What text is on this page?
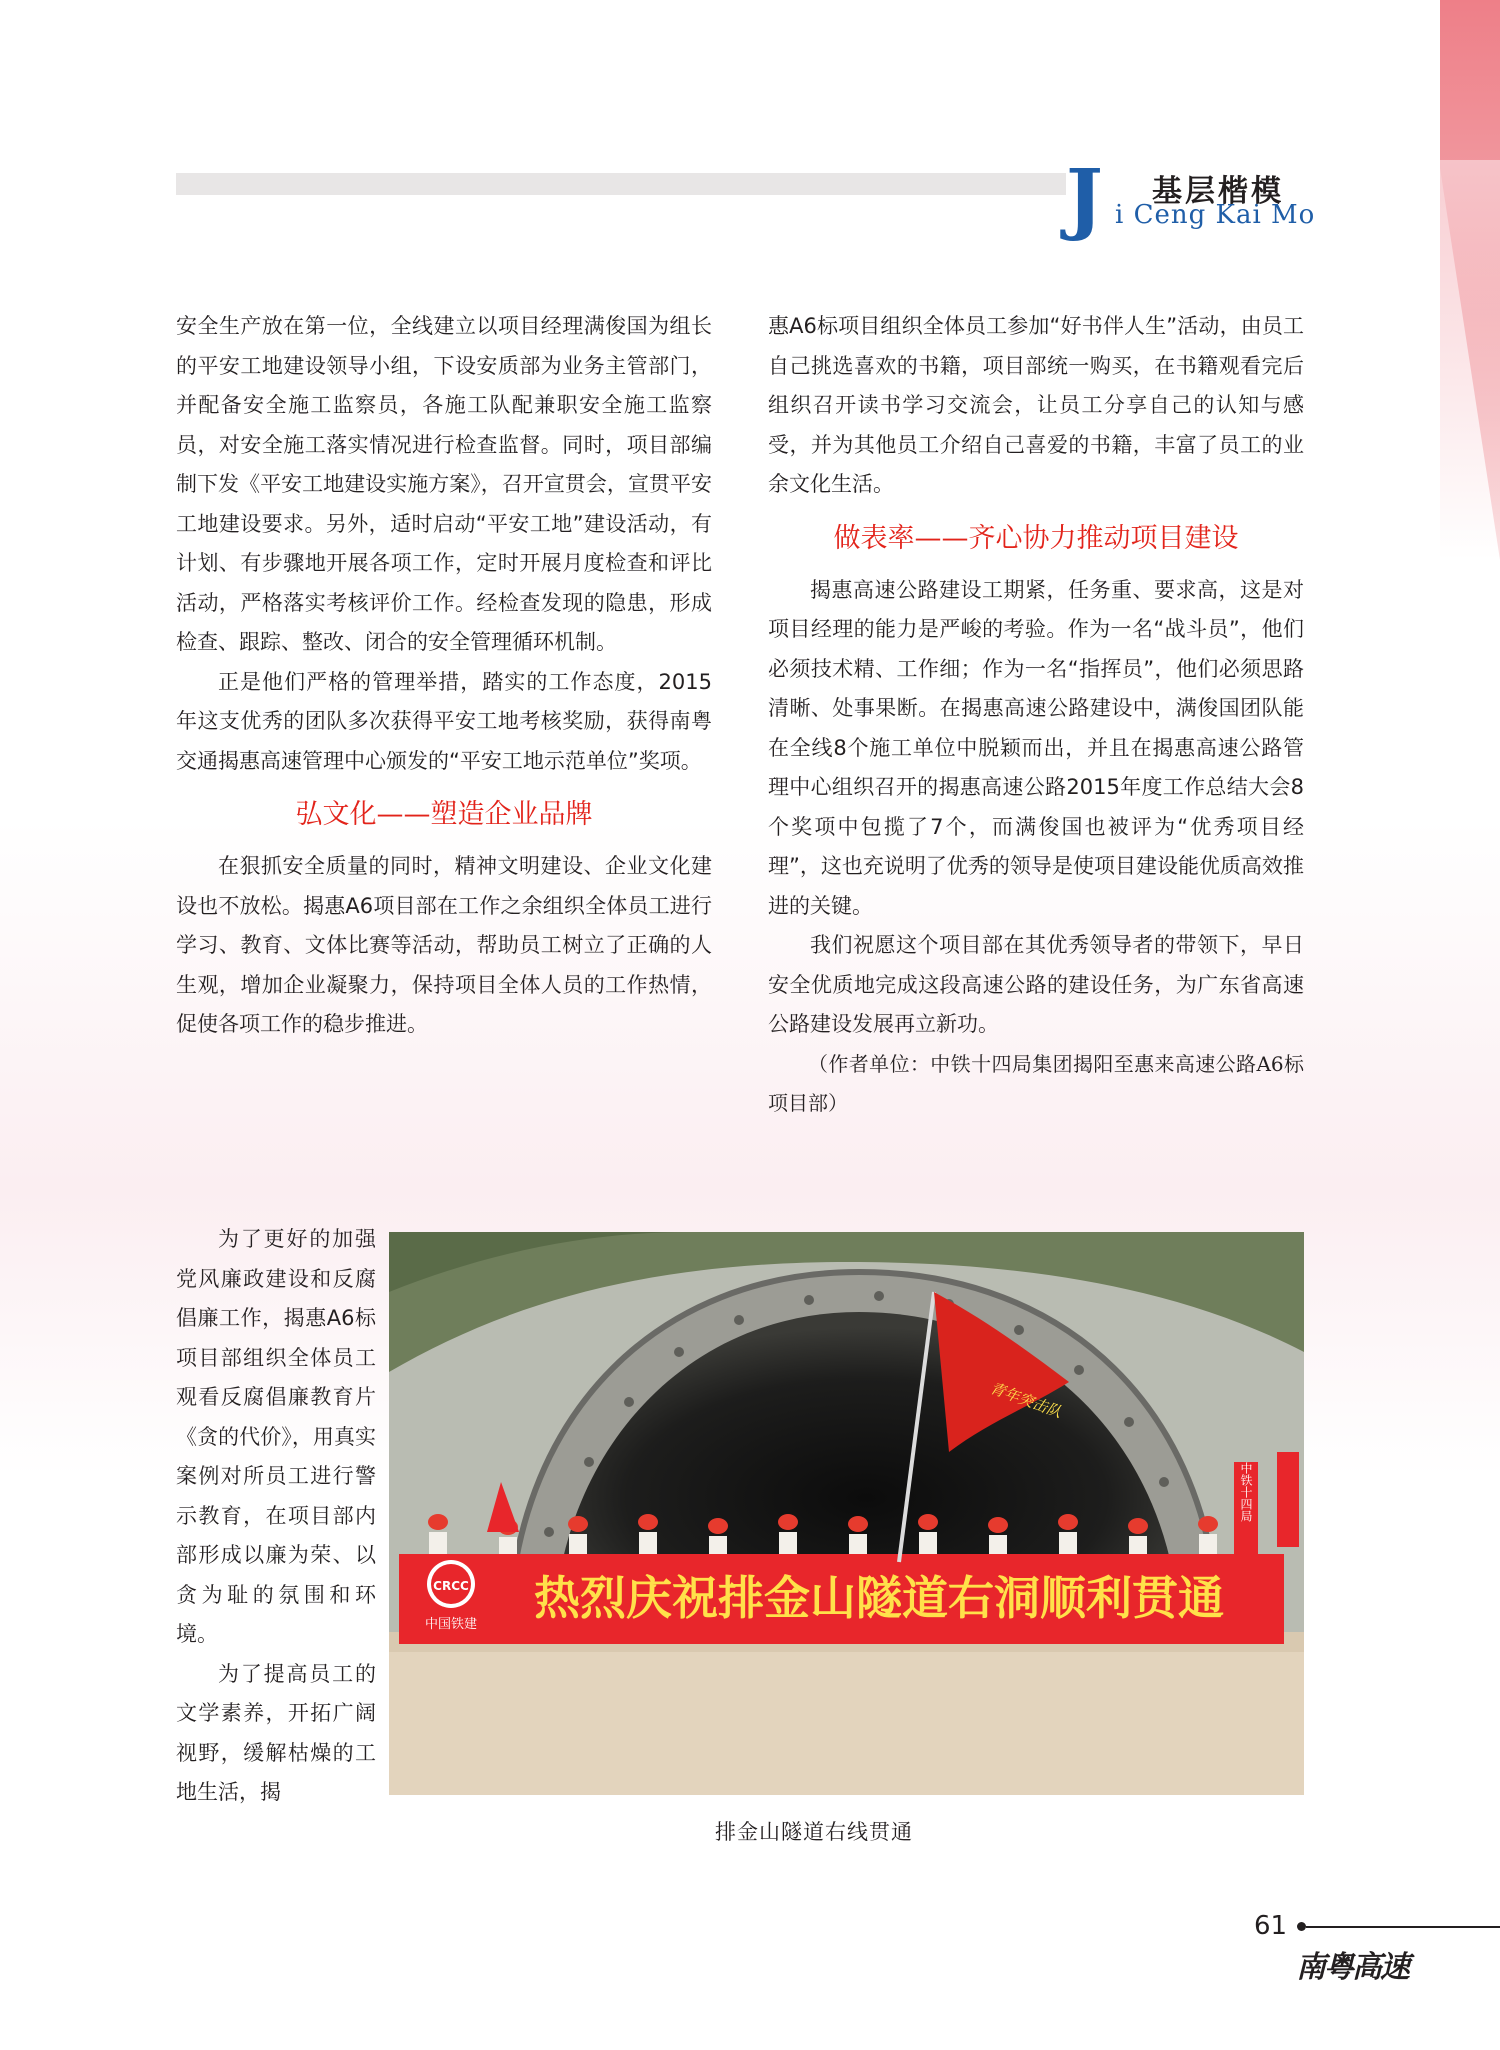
J 基层楷模
i Ceng Kai Mo

安全生产放在第一位，全线建立以项目经理满俊国为组长的平安工地建设领导小组，下设安质部为业务主管部门，并配备安全施工监察员，各施工队配兼职安全施工监察员，对安全施工落实情况进行检查监督。同时，项目部编制下发《平安工地建设实施方案》，召开宣贯会，宣贯平安工地建设要求。另外，适时启动“平安工地”建设活动，有计划、有步骤地开展各项工作，定时开展月度检查和评比活动，严格落实考核评价工作。经检查发现的隐患，形成检查、跟踪、整改、闭合的安全管理循环机制。

正是他们严格的管理举措，踏实的工作态度，2015年这支优秀的团队多次获得平安工地考核奖励，获得南粤交通揭惠高速管理中心颁发的“平安工地示范单位”奖项。

弘文化——塑造企业品牌

在狠抓安全质量的同时，精神文明建设、企业文化建设也不放松。揭惠A6项目部在工作之余组织全体员工进行学习、教育、文体比赛等活动，帮助员工树立了正确的人生观，增加企业凝聚力，保持项目全体人员的工作热情，促使各项工作的稳步推进。

为了更好的加强党风廉政建设和反腐倡廉工作，揭惠A6标项目部组织全体员工观看反腐倡廉教育片《贪的代价》，用真实案例对所员工进行警示教育，在项目部内部形成以廉为荣、以贪为耻的氛围和环境。

为了提高员工的文学素养，开拓广阔视野，缓解枯燥的工地生活，揭

惠A6标项目组织全体员工参加“好书伴人生”活动，由员工自己挑选喜欢的书籍，项目部统一购买，在书籍观看完后组织召开读书学习交流会，让员工分享自己的认知与感受，并为其他员工介绍自己喜爱的书籍，丰富了员工的业余文化生活。

做表率——齐心协力推动项目建设

揭惠高速公路建设工期紧，任务重、要求高，这是对项目经理的能力是严峻的考验。作为一名“战斗员”，他们必须技术精、工作细；作为一名“指挥员”，他们必须思路清晰、处事果断。在揭惠高速公路建设中，满俊国团队能在全线8个施工单位中脱颖而出，并且在揭惠高速公路管理中心组织召开的揭惠高速公路2015年度工作总结大会8个奖项中包揽了7个，而满俊国也被评为“优秀项目经理”，这也充说明了优秀的领导是使项目建设能优质高效推进的关键。

我们祝愿这个项目部在其优秀领导者的带领下，早日安全优质地完成这段高速公路的建设任务，为广东省高速公路建设发展再立新功。

（作者单位：中铁十四局集团揭阳至惠来高速公路A6标项目部）

CRCC
中国铁建 热烈庆祝排金山隧道右洞顺利贯通
青年突击队
中铁十四局
排金山隧道右线贯通
61
南粤高速
